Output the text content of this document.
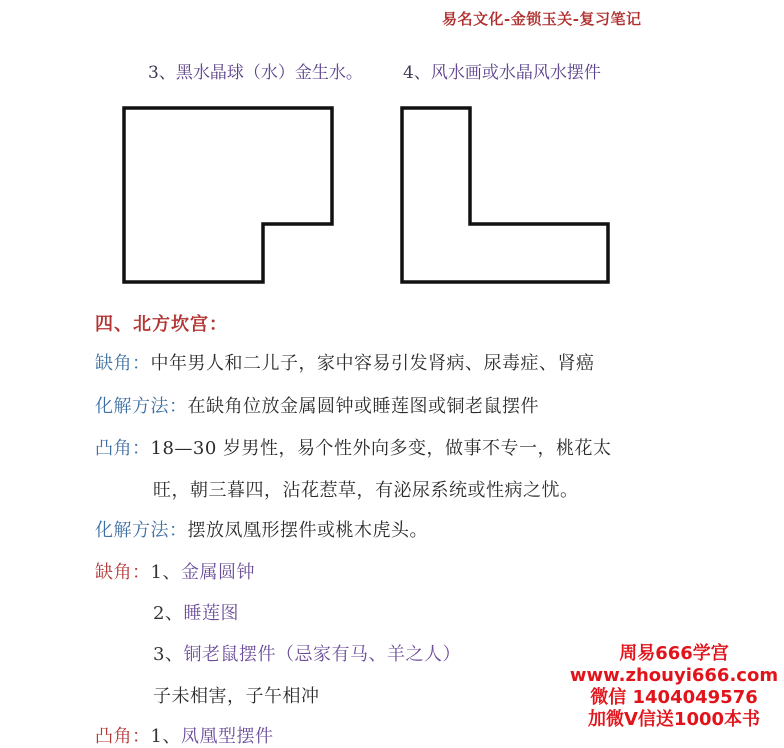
易名文化-金锁玉关-复习笔记
3、黑水晶球（水）金生水。 4、风水画或水晶风水摆件
四、北方坎宫：
缺角：中年男人和二儿子，家中容易引发肾病、尿毒症、肾癌
化解方法：在缺角位放金属圆钟或睡莲图或铜老鼠摆件
凸角：18—30 岁男性，易个性外向多变，做事不专一，桃花太
旺，朝三暮四，沾花惹草，有泌尿系统或性病之忧。
化解方法：摆放凤凰形摆件或桃木虎头。
缺角：1、金属圆钟
2、睡莲图
3、铜老鼠摆件（忌家有马、羊之人）
子未相害，子午相冲
凸角：1、凤凰型摆件
周易666学宫
www.zhouyi666.com
微信 1404049576
加微V信送1000本书
